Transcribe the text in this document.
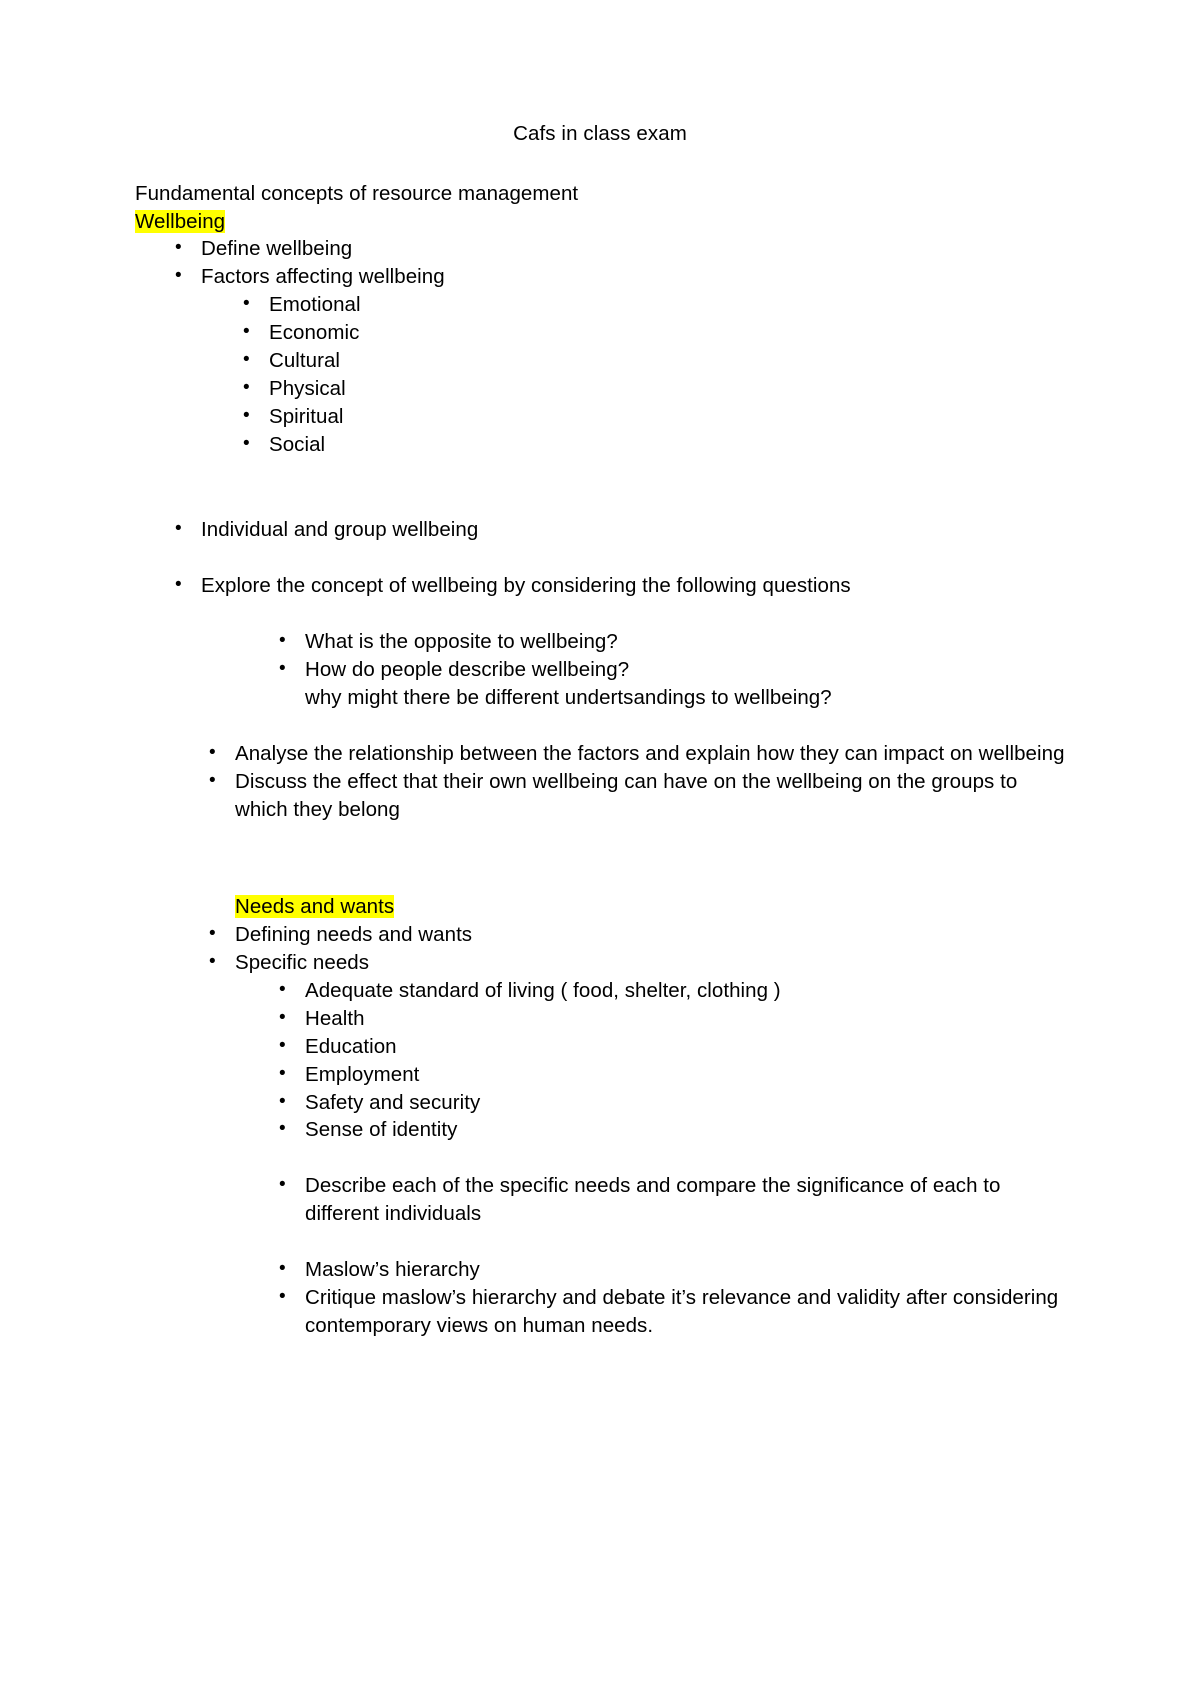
Cafs in class exam
Fundamental concepts of resource management
Wellbeing
• Define wellbeing
• Factors affecting wellbeing
• Emotional
• Economic
• Cultural
• Physical
• Spiritual
• Social
• Individual and group wellbeing
• Explore the concept of wellbeing by considering the following questions
• What is the opposite to wellbeing?
• How do people describe wellbeing?
why might there be different undertsandings to wellbeing?
• Analyse the relationship between the factors and explain how they can impact on wellbeing
• Discuss the effect that their own wellbeing can have on the wellbeing on the groups to which they belong
Needs and wants
• Defining needs and wants
• Specific needs
• Adequate standard of living ( food, shelter, clothing )
• Health
• Education
• Employment
• Safety and security
• Sense of identity
• Describe each of the specific needs and compare the significance of each to different individuals
• Maslow’s hierarchy
• Critique maslow’s hierarchy and debate it’s relevance and validity after considering contemporary views on human needs.
